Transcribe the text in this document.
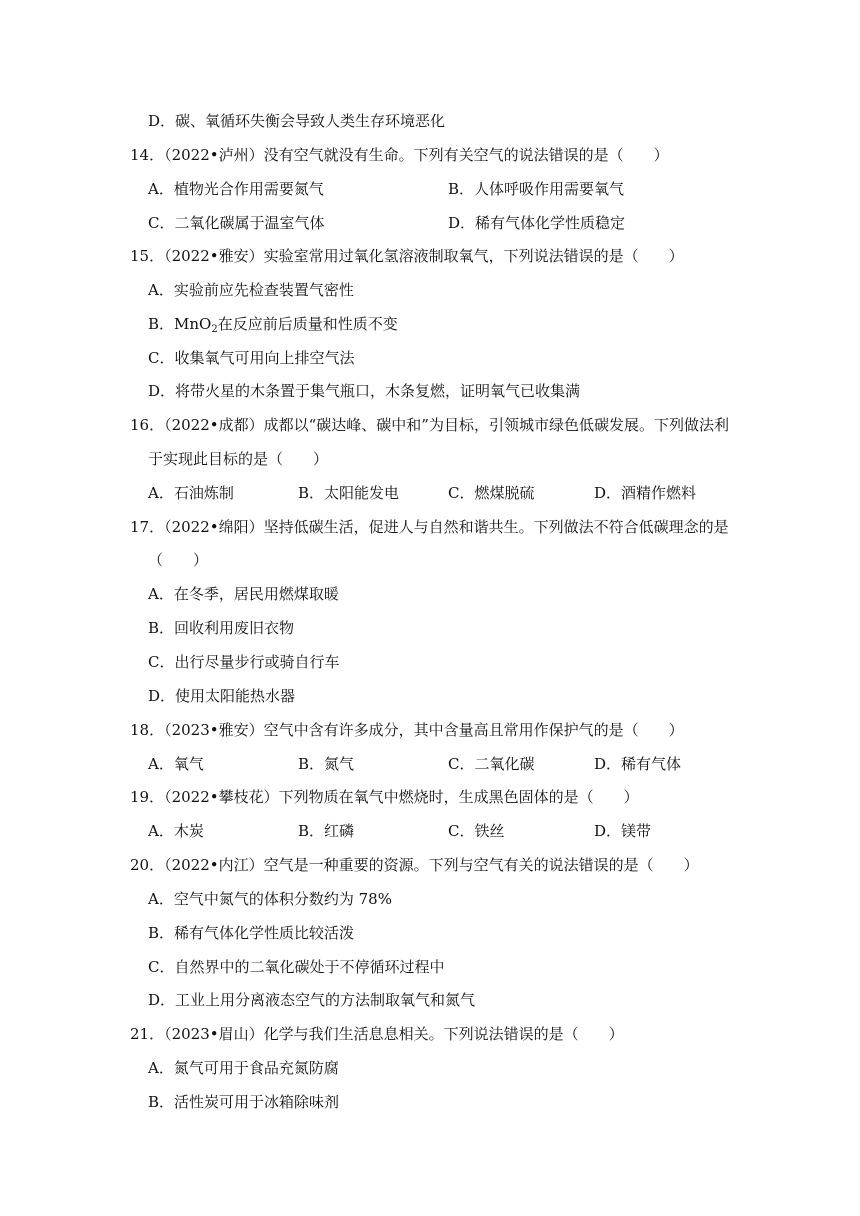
D．碳、氧循环失衡会导致人类生存环境恶化
14．（2022•泸州）没有空气就没有生命。下列有关空气的说法错误的是（　　）
A．植物光合作用需要氮气	B．人体呼吸作用需要氧气
C．二氧化碳属于温室气体	D．稀有气体化学性质稳定
15．（2022•雅安）实验室常用过氧化氢溶液制取氧气，下列说法错误的是（　　）
A．实验前应先检查装置气密性
B．MnO$_2$在反应前后质量和性质不变
C．收集氧气可用向上排空气法
D．将带火星的木条置于集气瓶口，木条复燃，证明氧气已收集满
16．（2022•成都）成都以“碳达峰、碳中和”为目标，引领城市绿色低碳发展。下列做法利
于实现此目标的是（　　）
A．石油炼制	B．太阳能发电	C．燃煤脱硫	D．酒精作燃料
17．（2022•绵阳）坚持低碳生活，促进人与自然和谐共生。下列做法不符合低碳理念的是
（　　）
A．在冬季，居民用燃煤取暖
B．回收利用废旧衣物
C．出行尽量步行或骑自行车
D．使用太阳能热水器
18．（2023•雅安）空气中含有许多成分，其中含量高且常用作保护气的是（　　）
A．氧气	B．氮气	C．二氧化碳	D．稀有气体
19．（2022•攀枝花）下列物质在氧气中燃烧时，生成黑色固体的是（　　）
A．木炭	B．红磷	C．铁丝	D．镁带
20．（2022•内江）空气是一种重要的资源。下列与空气有关的说法错误的是（　　）
A．空气中氮气的体积分数约为 78%
B．稀有气体化学性质比较活泼
C．自然界中的二氧化碳处于不停循环过程中
D．工业上用分离液态空气的方法制取氧气和氮气
21．（2023•眉山）化学与我们生活息息相关。下列说法错误的是（　　）
A．氮气可用于食品充氮防腐
B．活性炭可用于冰箱除味剂
